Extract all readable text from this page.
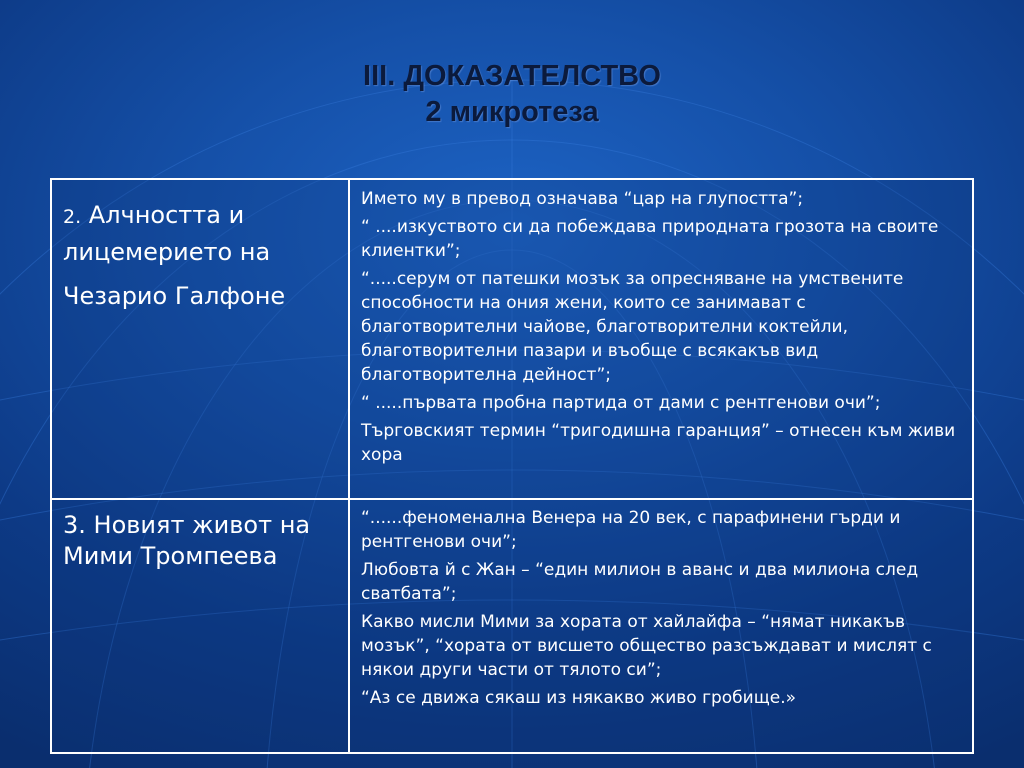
III. ДОКАЗАТЕЛСТВО
2 микротеза
2. Алчността и лицемерието на
Чезарио Галфоне

Името му в превод означава “цар на глупостта”;

“ ....изкуството си да побеждава природната грозота на своите клиентки”;

“.....серум от патешки мозък за опресняване на умствените способности на ония жени, които се занимават с благотворителни чайове, благотворителни коктейли, благотворителни пазари и въобще с всякакъв вид благотворителна дейност”;

“ .....първата пробна партида от дами с рентгенови очи”;

Търговският термин “тригодишна гаранция” – отнесен към живи хора

3. Новият живот на Мими Тромпеева

“......феноменална Венера на 20 век, с парафинени гърди и рентгенови очи”;

Любовта й с Жан – “един милион в аванс и два милиона след сватбата”;

Какво мисли Мими за хората от хайлайфа – “нямат никакъв мозък”, “хората от висшето общество разсъждават и мислят с някои други части от тялото си”;

“Аз се движа сякаш из някакво живо гробище.»
